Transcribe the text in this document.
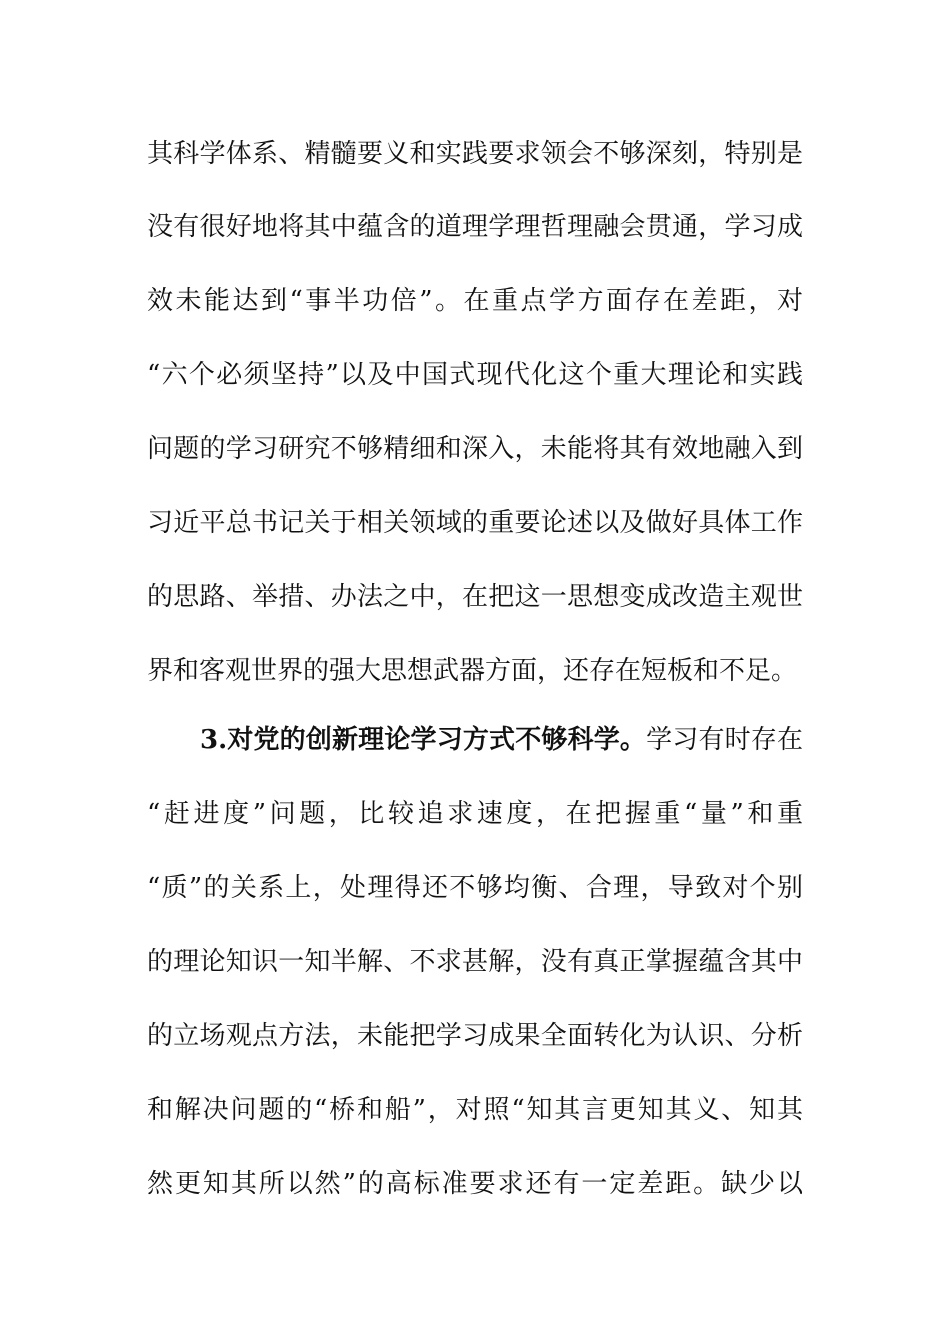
其科学体系、精髓要义和实践要求领会不够深刻，特别是
没有很好地将其中蕴含的道理学理哲理融会贯通，学习成
效未能达到“事半功倍”。在重点学方面存在差距，对
“六个必须坚持”以及中国式现代化这个重大理论和实践
问题的学习研究不够精细和深入，未能将其有效地融入到
习近平总书记关于相关领域的重要论述以及做好具体工作
的思路、举措、办法之中，在把这一思想变成改造主观世
界和客观世界的强大思想武器方面，还存在短板和不足。
3.对党的创新理论学习方式不够科学。学习有时存在
“赶进度”问题，比较追求速度，在把握重“量”和重
“质”的关系上，处理得还不够均衡、合理，导致对个别
的理论知识一知半解、不求甚解，没有真正掌握蕴含其中
的立场观点方法，未能把学习成果全面转化为认识、分析
和解决问题的“桥和船”，对照“知其言更知其义、知其
然更知其所以然”的高标准要求还有一定差距。缺少以
